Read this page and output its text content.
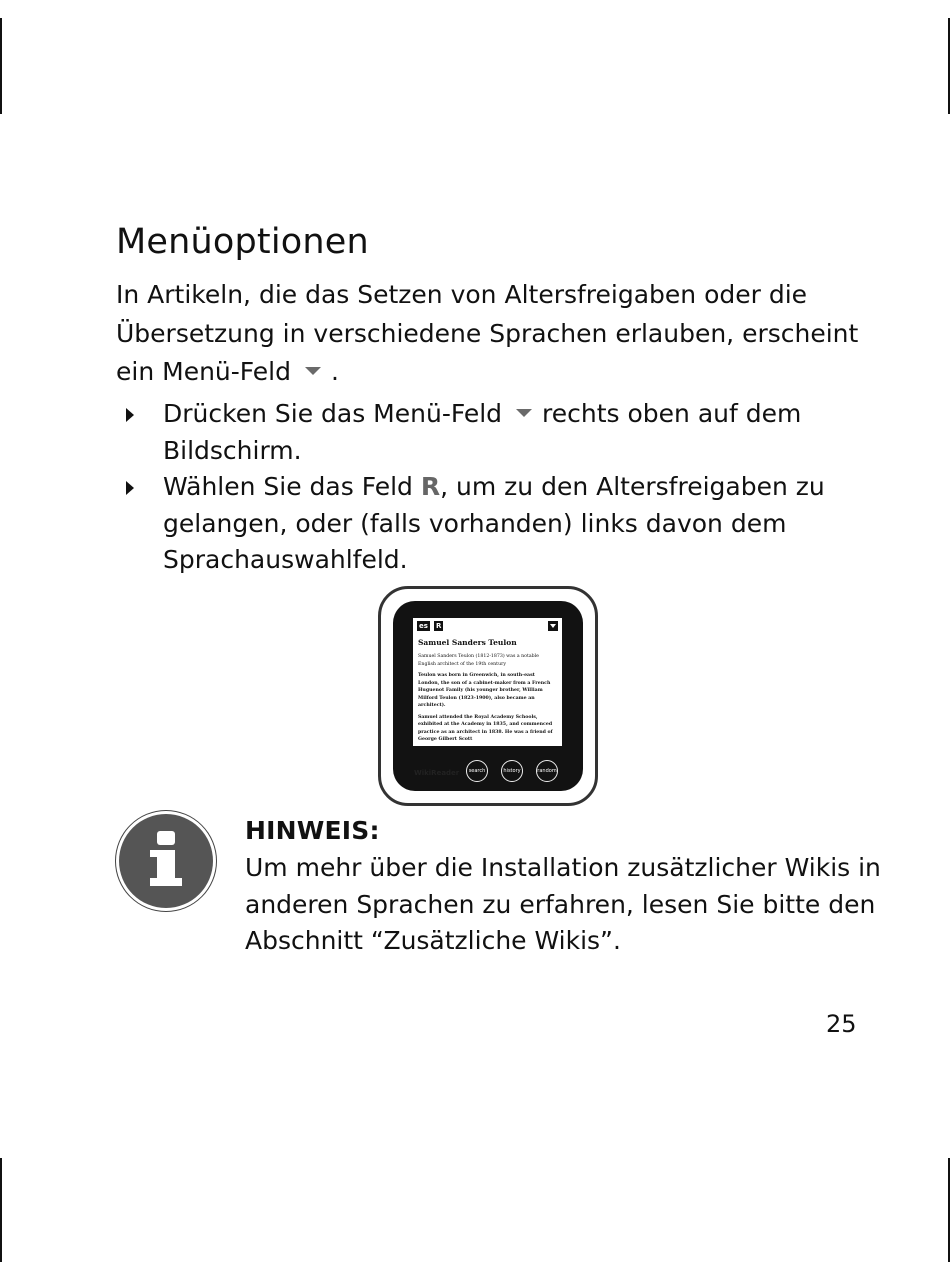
Menüoptionen
In Artikeln, die das Setzen von Altersfreigaben oder die Übersetzung in verschiedene Sprachen erlauben, erscheint ein Menü-Feld .
Drücken Sie das Menü-Feld rechts oben auf dem Bildschirm.
Wählen Sie das Feld R, um zu den Altersfreigaben zu gelangen, oder (falls vorhanden) links davon dem Sprachauswahlfeld.
es R
Samuel Sanders Teulon
Samuel Sanders Teulon (1812-1873) was a notable English architect of the 19th century
Teulon was born in Greenwich, in south-east London, the son of a cabinet-maker from a French Huguenot Family (his younger brother, William Milford Teulon (1823-1900), also became an architect).
Samuel attended the Royal Academy Schools, exhibited at the Academy in 1835, and commenced practice as an architect in 1838. He was a friend of George Gilbert Scott
WikiReader	search	history	random
HINWEIS:
Um mehr über die Installation zusätzlicher Wikis in anderen Sprachen zu erfahren, lesen Sie bitte den Abschnitt “Zusätzliche Wikis”.
25
